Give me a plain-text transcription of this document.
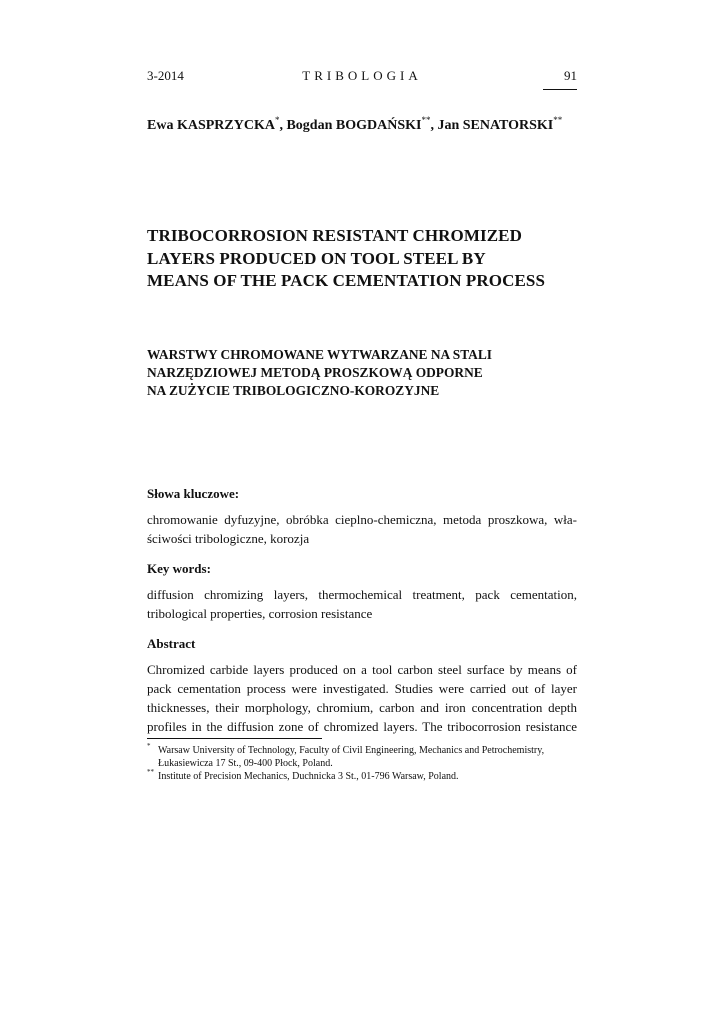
3-2014	TRIBOLOGIA	91
Ewa KASPRZYCKA*, Bogdan BOGDAŃSKI**, Jan SENATORSKI**
TRIBOCORROSION RESISTANT CHROMIZED
LAYERS PRODUCED ON TOOL STEEL BY
MEANS OF THE PACK CEMENTATION PROCESS
WARSTWY CHROMOWANE WYTWARZANE NA STALI
NARZĘDZIOWEJ METODĄ PROSZKOWĄ ODPORNE
NA ZUŻYCIE TRIBOLOGICZNO-KOROZYJNE
Słowa kluczowe:
chromowanie dyfuzyjne, obróbka cieplno-chemiczna, metoda proszkowa, wła-
ściwości tribologiczne, korozja
Key words:
diffusion chromizing layers, thermochemical treatment, pack cementation,
tribological properties, corrosion resistance
Abstract
Chromized carbide layers produced on a tool carbon steel surface by means of
pack cementation process were investigated. Studies were carried out of layer
thicknesses, their morphology, chromium, carbon and iron concentration depth
profiles in the diffusion zone of chromized layers. The tribocorrosion resistance
* Warsaw University of Technology, Faculty of Civil Engineering, Mechanics and Petrochemistry,
Łukasiewicza 17 St., 09-400 Płock, Poland.
** Institute of Precision Mechanics, Duchnicka 3 St., 01-796 Warsaw, Poland.
